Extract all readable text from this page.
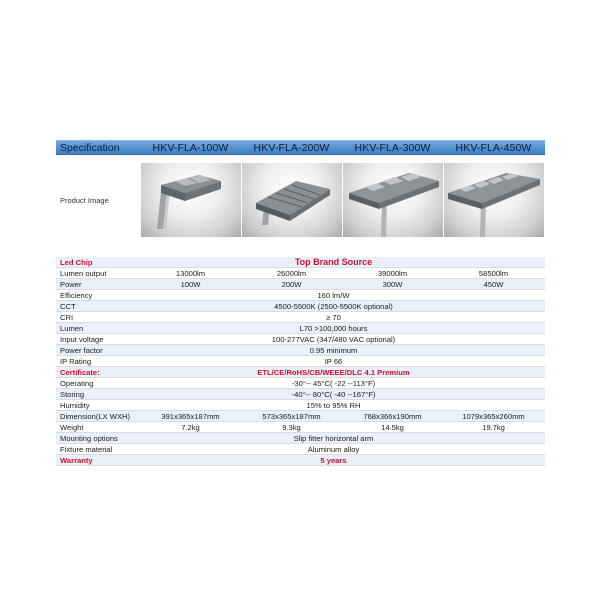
Specification	HKV-FLA-100W	HKV-FLA-200W	HKV-FLA-300W	HKV-FLA-450W
Product Image
Led Chip	Top Brand Source
Lumen output	13000lm	26000lm	39000lm	58500lm
Power	100W	200W	300W	450W
Efficiency	160 lm/W
CCT	4500-5500K (2500-5500K optional)
CRI	≥ 70
Lumen	L70 >100,000 hours
Input voltage	100-277VAC (347/480 VAC optional)
Power factor	0.95 minimum
IP Rating	IP 66
Certificate:	ETL/CE/RoHS/CB/WEEE/DLC 4.1 Premium
Operating	-30°-- 45°C( -22 --113°F)
Storing	-40°-- 80°C( -40 --167°F)
Humidity	15% to 95% RH
Dimension(LX WXH)	391x365x187mm	573x365x187mm	768x366x190mm	1079x365x260mm
Weight	7.2kg	9.3kg	14.5kg	19.7kg
Mounting options	Slip fitter horizontal arm
Fixture material	Aluminum alloy
Warranty	5 years
